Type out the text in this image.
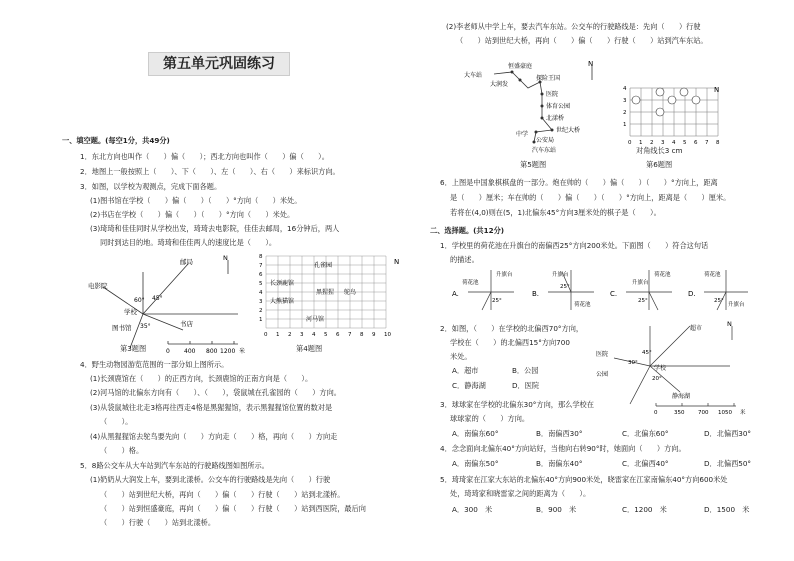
第五单元巩固练习
一、填空题。(每空1分，共49分)
1．东北方向也叫作（　　）偏（　　）；西北方向也叫作（　　）偏（　　）。
2．地图上一般按照上（　　）、下（　　）、左（　　）、右（　　）来标识方向。
3．如图，以学校为观测点，完成下面各题。
(1)图书馆在学校（　　）偏（　　）（　　）°方向（　　）米处。
(2)书店在学校（　　）偏（　　）（　　）°方向（　　）米处。
(3)琦琦和佳佳同时从学校出发，琦琦去电影院，佳佳去邮局，16分钟后，两人
同时到达目的地。琦琦和佳佳两人的速度比是（　　）。
电影院
邮局
学校
图书馆	书店
60° 45°
35°
N
0 400 800 1200 米
第3题图
N
孔雀园
长颈鹿馆
黑猩猩 鸵鸟
大熊猫馆
河马馆
0 1 2 3 4 5 6 7 8 9 10
1
2
3
4
5
6
7
8
第4题图
4．野生动物园游览范围的一部分如上图所示。
(1)长颈鹿馆在（　　）的正西方向，长颈鹿馆的正南方向是（　　）。
(2)河马馆的北偏东方向有（　　）、（　　），袋鼠城在孔雀园的（　　）方向。
(3)从袋鼠城往北走3格再往西走4格是黑猩猩馆，表示黑猩猩馆位置的数对是
（　　）。
(4)从黑猩猩馆去鸵鸟要先向（　　）方向走（　　）格，再向（　　）方向走
（　　）格。
5．8路公交车从大车站到汽车东站的行驶路线图如图所示。
(1)奶奶从大润发上车，要到北漾桥。公交车的行驶路线是先向（　　）行驶
（　　）站到世纪大桥，再向（　　）偏（　　）行驶（　　）站到北漾桥。
（　　）站到恒盛豪庭，再向（　　）偏（　　）行驶（　　）站到西医院，最后向
（　　）行驶（　　）站到北漾桥。
(2)李老师从中学上车，要去汽车东站。公交车的行驶路线是：先向（　　）行驶
（　　）站到世纪大桥，再向（　　）偏（　　）行驶（　　）站到汽车东站。
大车站
恒盛豪庭
大润发
探险王国
医院
体育公园
北漾桥
世纪大桥
中学
公安局
汽车东站
N
第5题图
N
0 1 2 3 4 5 6 7 8
1
2
3
4
对角线长3 cm
第6题图
6．上图是中国象棋棋盘的一部分。炮在帅的（　　）偏（　　）（　　）°方向上，距离
是（　　）厘米；车在帅的（　　）偏（　　）（　　）°方向上，距离是（　　）厘米。
若将在(4,0)则在(5，1)北偏东45°方向3厘米处的棋子是（　　）。
二、选择题。(共12分)
1．学校里的荷花池在升旗台的南偏西25°方向200米处。下面图（　　）符合这句话
的描述。
A.	B.	C.	D.
荷花池
升旗台	升旗台
荷花池
升旗台
荷花池	荷花池
升旗台
25°
25°
25°	25°
2．如图，（　　）在学校的北偏西70°方向，
学校在（　　）的北偏西15°方向700
米处。
A．超市	B．公园
C．静海湖	D．医院
医院
公园
学校
超市
静海湖
45°
30°
20°
N
0	350 700 1050 米
3．球球家在学校的北偏东30°方向，那么学校在
球球家的（　　）方向。
A．南偏东60°	B．南偏西30°	C．北偏东60°	D．北偏西30°
4．念念面向北偏东40°方向站好，当他向右转90°时，她面向（　　）方向。
A．南偏东50°	B．南偏东40°	C．北偏西40°	D．北偏西50°
5．琦琦家在江家大东站的北偏东40°方向900米处，晓雷家在江家南偏东40°方向600米处
处，琦琦家和晓雷家之间的距离为（　　）。
A．300　米	B．900　米	C．1200　米	D．1500　米
